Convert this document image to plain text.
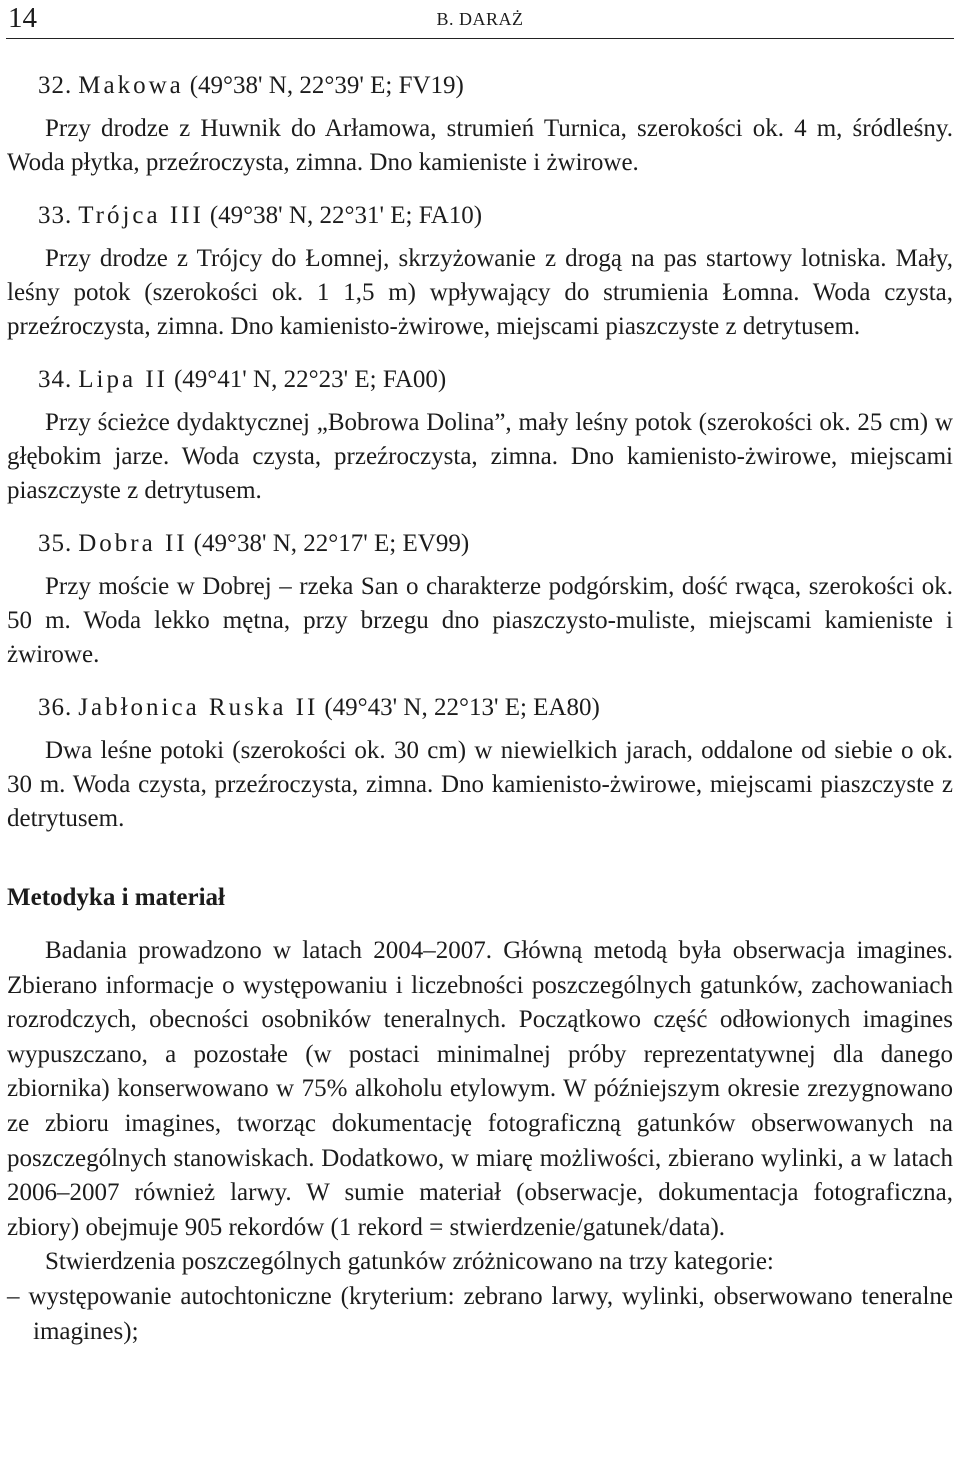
14	B. DARAŻ
32. Makowa (49°38' N, 22°39' E; FV19)

Przy drodze z Huwnik do Arłamowa, strumień Turnica, szerokości ok. 4 m, śródleśny. Woda płytka, przeźroczysta, zimna. Dno kamieniste i żwirowe.

33. Trójca III (49°38' N, 22°31' E; FA10)

Przy drodze z Trójcy do Łomnej, skrzyżowanie z drogą na pas startowy lotniska. Mały, leśny potok (szerokości ok. 1 1,5 m) wpływający do strumienia Łomna. Woda czysta, przeźroczysta, zimna. Dno kamienisto-żwirowe, miejscami piaszczyste z detrytusem.

34. Lipa II (49°41' N, 22°23' E; FA00)

Przy ścieżce dydaktycznej „Bobrowa Dolina”, mały leśny potok (szerokości ok. 25 cm) w głębokim jarze. Woda czysta, przeźroczysta, zimna. Dno kamienisto-żwirowe, miejscami piaszczyste z detrytusem.

35. Dobra II (49°38' N, 22°17' E; EV99)

Przy moście w Dobrej – rzeka San o charakterze podgórskim, dość rwąca, szerokości ok. 50 m. Woda lekko mętna, przy brzegu dno piaszczysto-muliste, miejscami kamieniste i żwirowe.

36. Jabłonica Ruska II (49°43' N, 22°13' E; EA80)

Dwa leśne potoki (szerokości ok. 30 cm) w niewielkich jarach, oddalone od siebie o ok. 30 m. Woda czysta, przeźroczysta, zimna. Dno kamienisto-​żwirowe, miejscami piaszczyste z detrytusem.

Metodyka i materiał

Badania prowadzono w latach 2004–2007. Główną metodą była obserwacja imagines. Zbierano informacje o występowaniu i liczebności poszczególnych gatunków, zachowaniach rozrodczych, obecności osobników teneralnych. Początkowo część odłowionych imagines wypuszczano, a pozostałe (w postaci minimalnej próby reprezentatywnej dla danego zbiornika) konserwowano w 75% alkoholu etylowym. W późniejszym okresie zrezygnowano ze zbioru imagines, tworząc dokumentację fotograficzną gatunków obserwowanych na poszczególnych stanowiskach. Dodatkowo, w miarę możliwości, zbierano wylinki, a w latach 2006–2007 również larwy. W sumie materiał (obserwacje, dokumentacja fotograficzna, zbiory) obejmuje 905 rekordów (1 rekord = stwierdzenie/gatunek/data).

Stwierdzenia poszczególnych gatunków zróżnicowano na trzy kategorie:

– występowanie autochtoniczne (kryterium: zebrano larwy, wylinki, obserwowano teneralne imagines);
